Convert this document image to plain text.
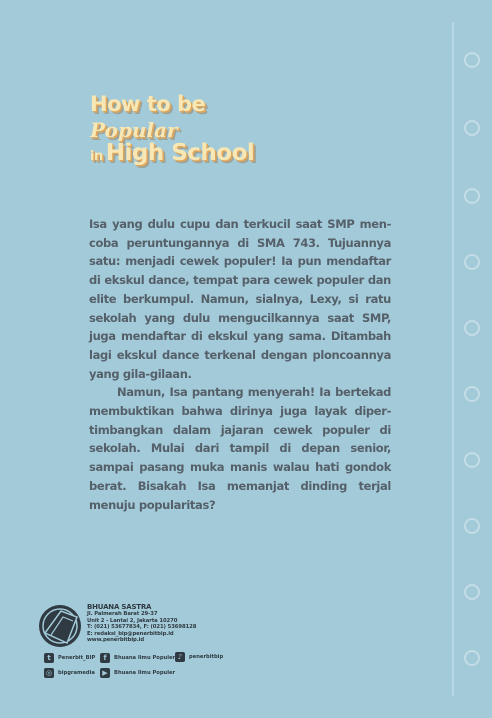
How to be
Popular
in High School

Isa yang dulu cupu dan terkucil saat SMP men-coba peruntungannya di SMA 743. Tujuannya satu: menjadi cewek populer! Ia pun mendaftar di ekskul dance, tempat para cewek populer dan elite berkumpul. Namun, sialnya, Lexy, si ratu sekolah yang dulu mengucilkannya saat SMP, juga mendaftar di ekskul yang sama. Ditambah lagi ekskul dance terkenal dengan ploncoannya yang gila-gilaan.

Namun, Isa pantang menyerah! Ia bertekad membuktikan bahwa dirinya juga layak diper-timbangkan dalam jajaran cewek populer di sekolah. Mulai dari tampil di depan senior, sampai pasang muka manis walau hati gondok berat. Bisakah Isa memanjat dinding terjal menuju popularitas?

BHUANA SASTRA
Jl. Palmerah Barat 29-37
Unit 2 - Lantai 2, Jakarta 10270
T: (021) 53677834, F: (021) 53698128
E: redaksi_bip@penerbitbip.id
www.penerbitbip.id
t	Penerbit_BIP	f	Bhuana Ilmu Populer ♪	penerbitbip
◎	bipgramedia	▶	Bhuana Ilmu Populer
